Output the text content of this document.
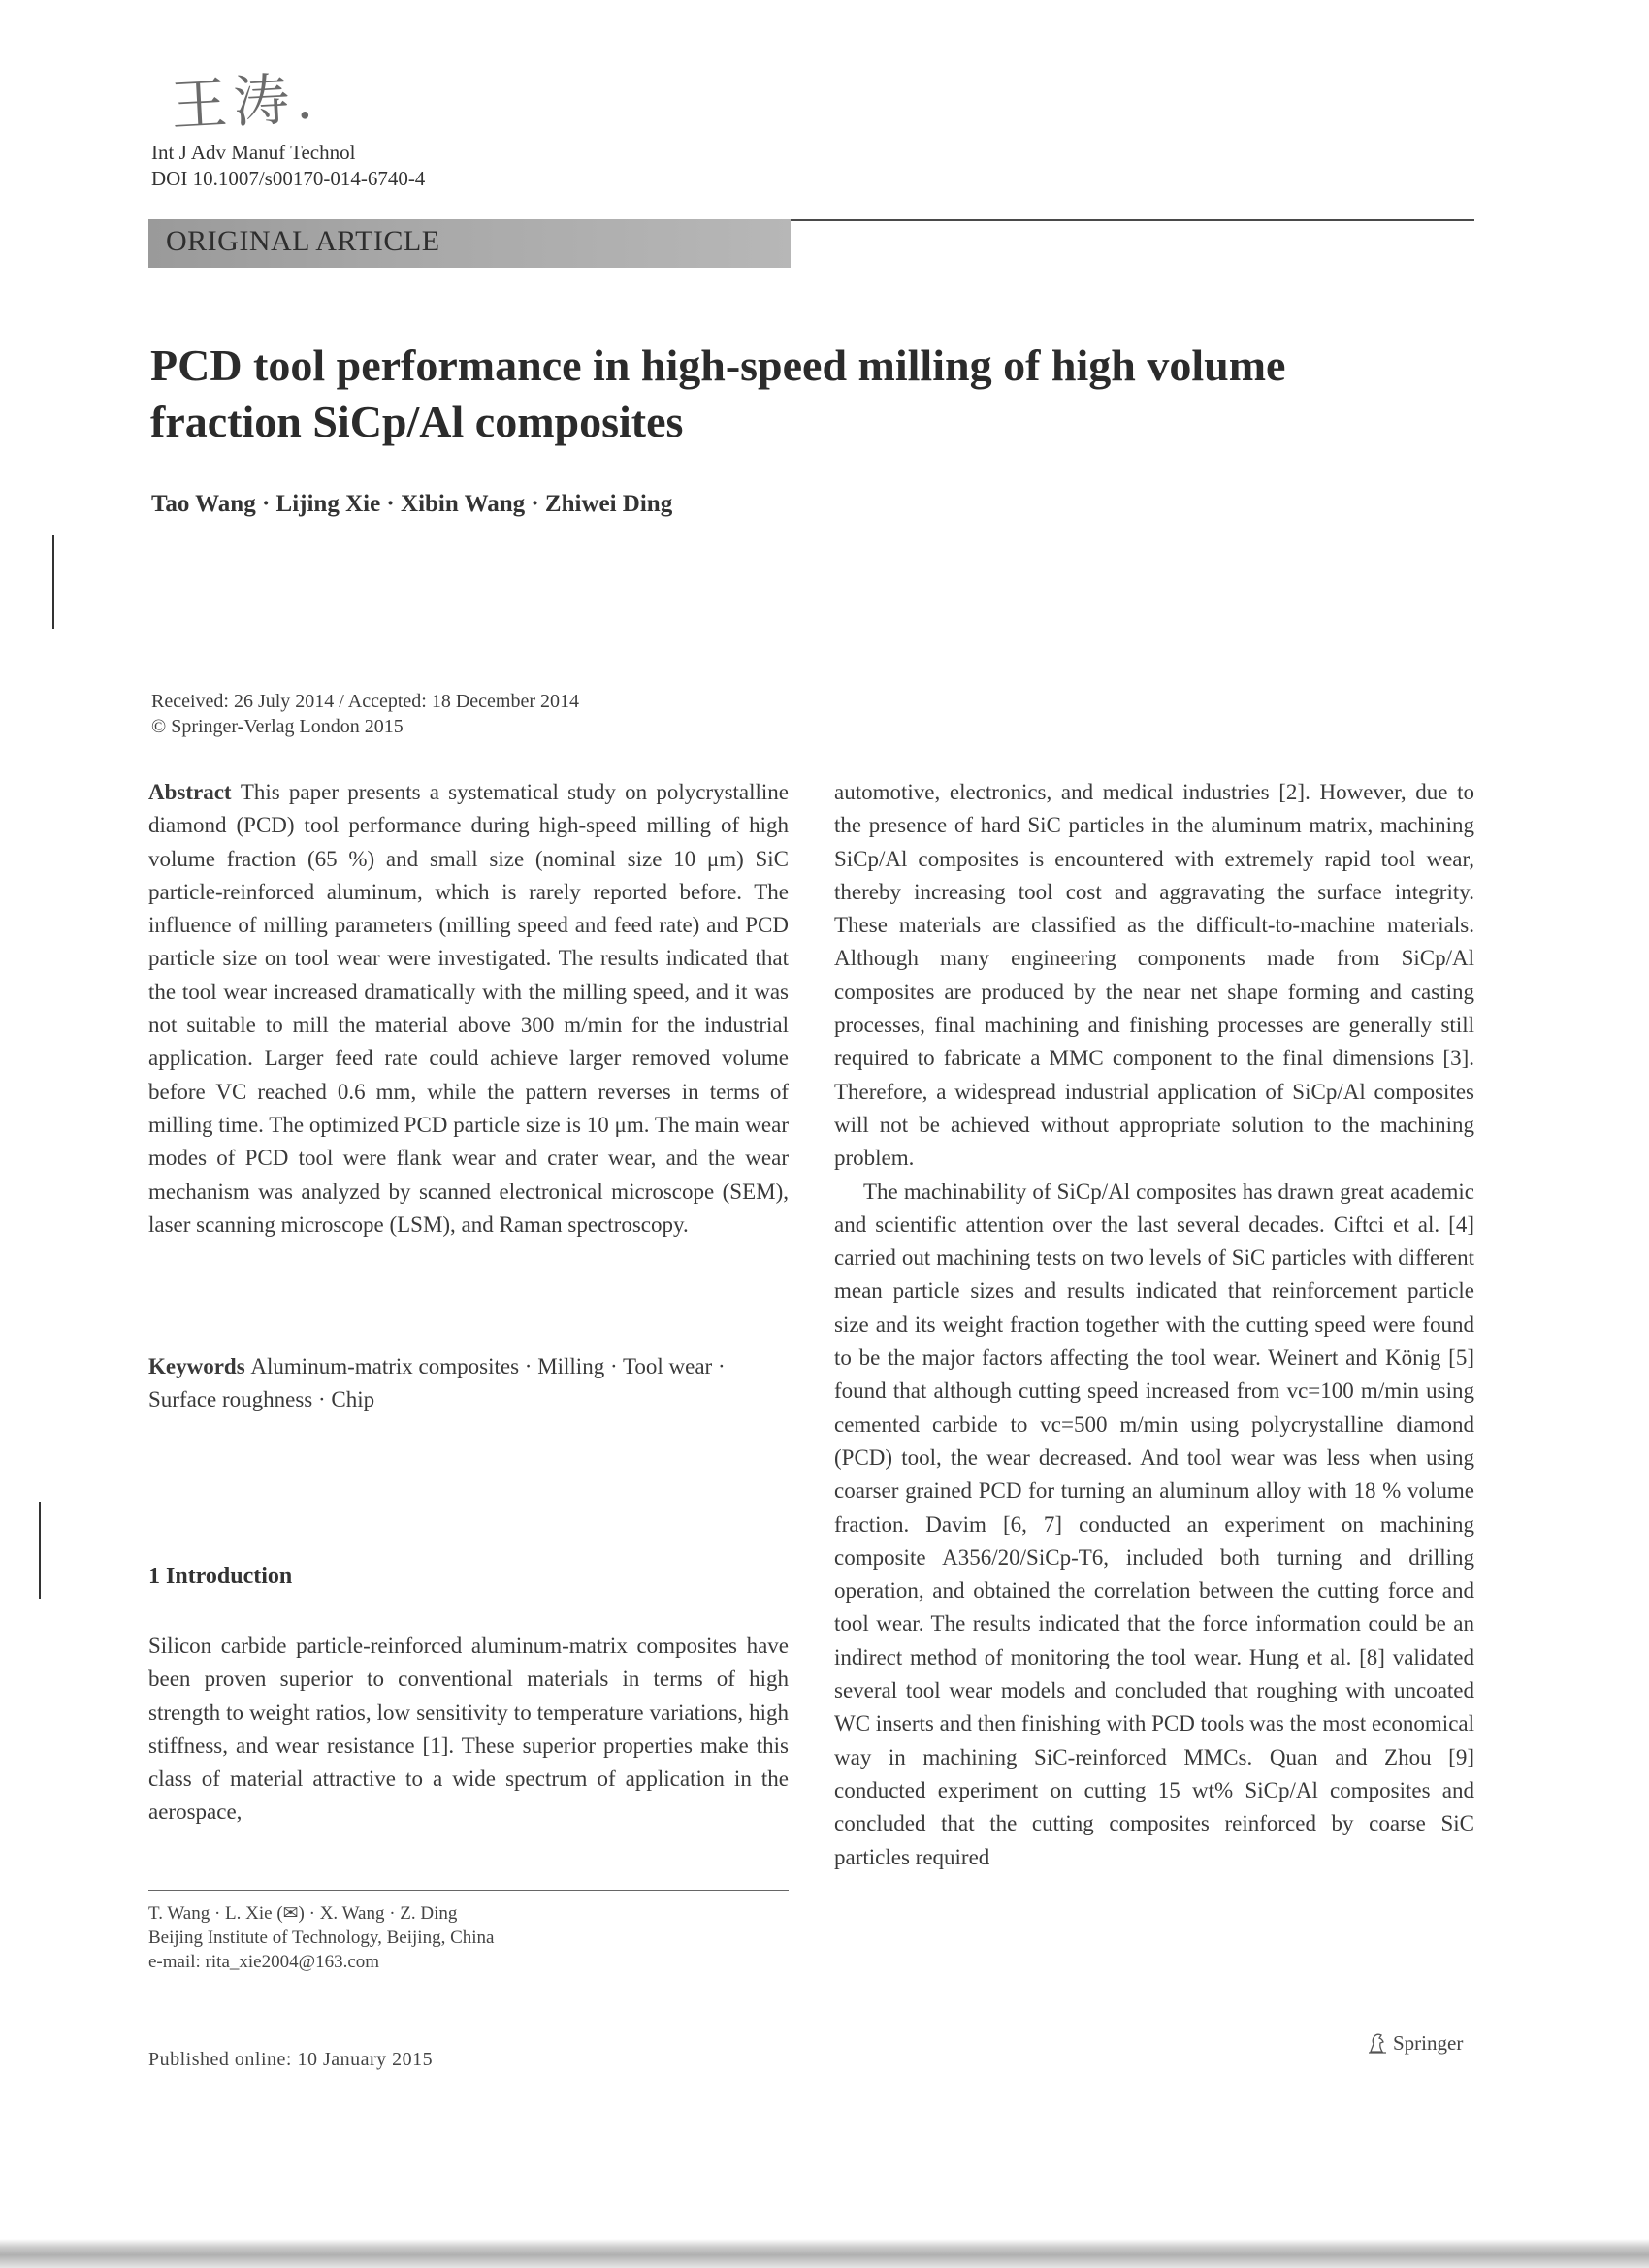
王涛.
Int J Adv Manuf Technol
DOI 10.1007/s00170-014-6740-4
ORIGINAL ARTICLE
PCD tool performance in high-speed milling of high volume
fraction SiCp/Al composites
Tao Wang · Lijing Xie · Xibin Wang · Zhiwei Ding
Received: 26 July 2014 / Accepted: 18 December 2014
© Springer-Verlag London 2015

Abstract This paper presents a systematical study on polycrystalline diamond (PCD) tool performance during high-speed milling of high volume fraction (65 %) and small size (nominal size 10 μm) SiC particle-reinforced aluminum, which is rarely reported before. The influence of milling parameters (milling speed and feed rate) and PCD particle size on tool wear were investigated. The results indicated that the tool wear increased dramatically with the milling speed, and it was not suitable to mill the material above 300 m/min for the industrial application. Larger feed rate could achieve larger removed volume before VC reached 0.6 mm, while the pattern reverses in terms of milling time. The optimized PCD particle size is 10 μm. The main wear modes of PCD tool were flank wear and crater wear, and the wear mechanism was analyzed by scanned electronical microscope (SEM), laser scanning microscope (LSM), and Raman spectroscopy.

Keywords Aluminum-matrix composites · Milling · Tool wear · Surface roughness · Chip

1 Introduction

Silicon carbide particle-reinforced aluminum-matrix composites have been proven superior to conventional materials in terms of high strength to weight ratios, low sensitivity to temperature variations, high stiffness, and wear resistance [1]. These superior properties make this class of material attractive to a wide spectrum of application in the aerospace,

T. Wang · L. Xie (✉) · X. Wang · Z. Ding
Beijing Institute of Technology, Beijing, China
e-mail: rita_xie2004@163.com

automotive, electronics, and medical industries [2]. However, due to the presence of hard SiC particles in the aluminum matrix, machining SiCp/Al composites is encountered with extremely rapid tool wear, thereby increasing tool cost and aggravating the surface integrity. These materials are classified as the difficult-to-machine materials. Although many engineering components made from SiCp/Al composites are produced by the near net shape forming and casting processes, final machining and finishing processes are generally still required to fabricate a MMC component to the final dimensions [3]. Therefore, a widespread industrial application of SiCp/Al composites will not be achieved without appropriate solution to the machining problem.

The machinability of SiCp/Al composites has drawn great academic and scientific attention over the last several decades. Ciftci et al. [4] carried out machining tests on two levels of SiC particles with different mean particle sizes and results indicated that reinforcement particle size and its weight fraction together with the cutting speed were found to be the major factors affecting the tool wear. Weinert and König [5] found that although cutting speed increased from vc=100 m/min using cemented carbide to vc=500 m/min using polycrystalline diamond (PCD) tool, the wear decreased. And tool wear was less when using coarser grained PCD for turning an aluminum alloy with 18 % volume fraction. Davim [6, 7] conducted an experiment on machining composite A356/20/SiCp-T6, included both turning and drilling operation, and obtained the correlation between the cutting force and tool wear. The results indicated that the force information could be an indirect method of monitoring the tool wear. Hung et al. [8] validated several tool wear models and concluded that roughing with uncoated WC inserts and then finishing with PCD tools was the most economical way in machining SiC-reinforced MMCs. Quan and Zhou [9] conducted experiment on cutting 15 wt% SiCp/Al composites and concluded that the cutting composites reinforced by coarse SiC particles required

Published online: 10 January 2015
Springer
